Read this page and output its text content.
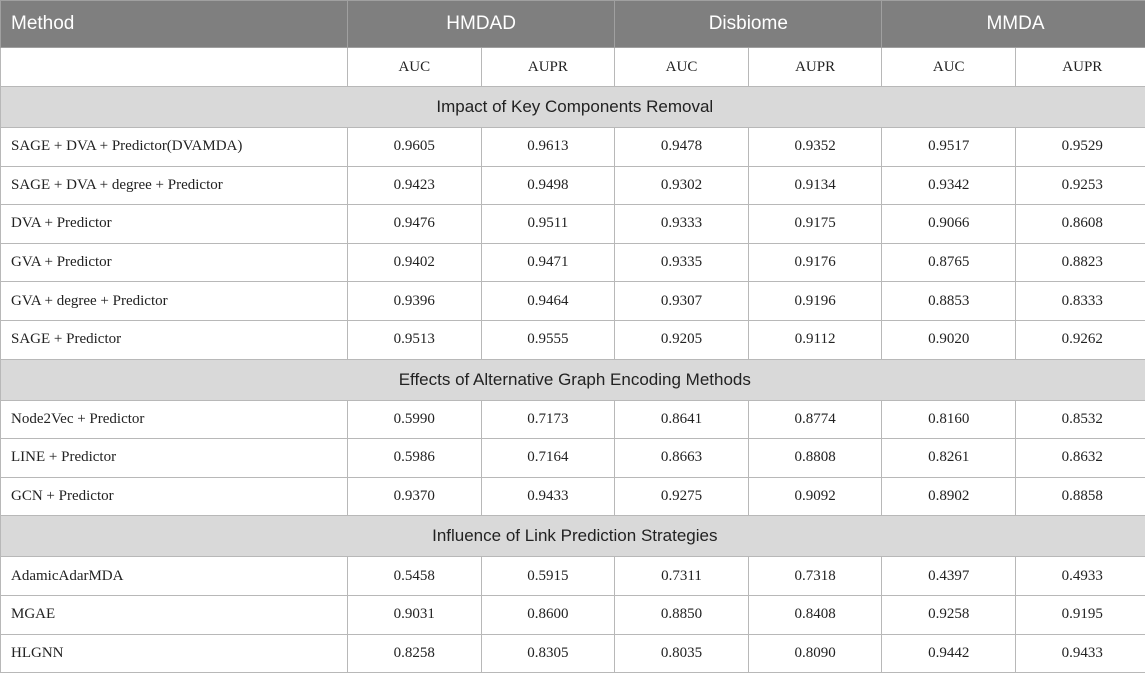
Method	HMDAD		Disbiome		MMDA	
	AUC	AUPR	AUC	AUPR	AUC	AUPR
Impact of Key Components Removal						
SAGE + DVA + Predictor(DVAMDA)	0.9605	0.9613	0.9478	0.9352	0.9517	0.9529
SAGE + DVA + degree + Predictor	0.9423	0.9498	0.9302	0.9134	0.9342	0.9253
DVA + Predictor	0.9476	0.9511	0.9333	0.9175	0.9066	0.8608
GVA + Predictor	0.9402	0.9471	0.9335	0.9176	0.8765	0.8823
GVA + degree + Predictor	0.9396	0.9464	0.9307	0.9196	0.8853	0.8333
SAGE + Predictor	0.9513	0.9555	0.9205	0.9112	0.9020	0.9262
Effects of Alternative Graph Encoding Methods						
Node2Vec + Predictor	0.5990	0.7173	0.8641	0.8774	0.8160	0.8532
LINE + Predictor	0.5986	0.7164	0.8663	0.8808	0.8261	0.8632
GCN + Predictor	0.9370	0.9433	0.9275	0.9092	0.8902	0.8858
Influence of Link Prediction Strategies						
AdamicAdarMDA	0.5458	0.5915	0.7311	0.7318	0.4397	0.4933
MGAE	0.9031	0.8600	0.8850	0.8408	0.9258	0.9195
HLGNN	0.8258	0.8305	0.8035	0.8090	0.9442	0.9433
